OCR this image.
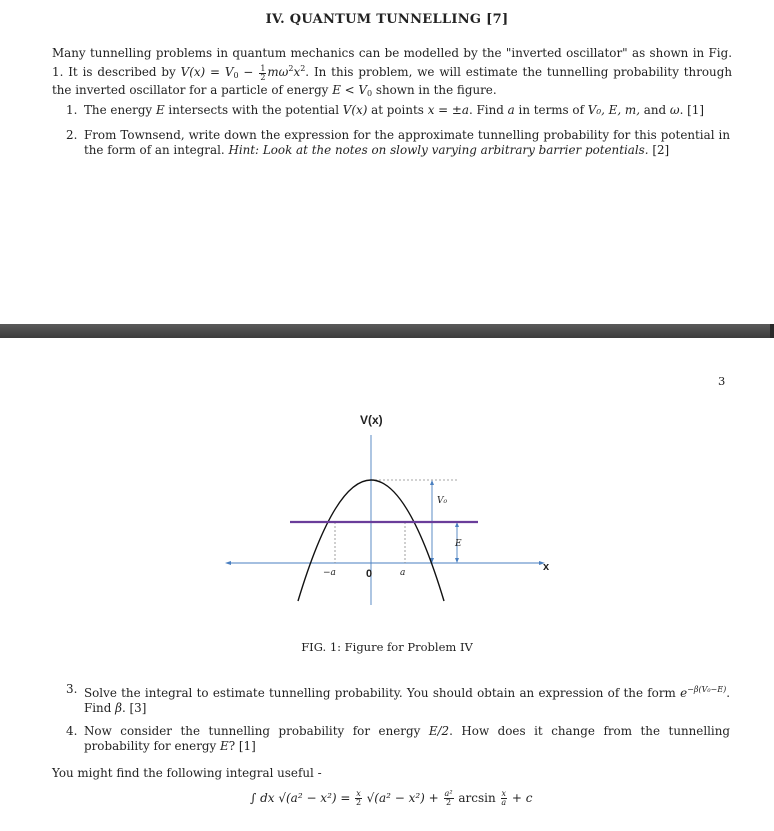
IV. QUANTUM TUNNELLING [7]
Many tunnelling problems in quantum mechanics can be modelled by the "inverted oscillator" as shown in Fig. 1. It is described by $V(x) = V_0 - \frac{1}{2} m\omega^2x^2$. In this problem, we will estimate the tunnelling probability through the inverted oscillator for a particle of energy $E < V_0$ shown in the figure.
1. The energy E intersects with the potential V(x) at points x = ±a. Find a in terms of V₀, E, m, and ω. [1]
2. From Townsend, write down the expression for the approximate tunnelling probability for this potential in the form of an integral. Hint: Look at the notes on slowly varying arbitrary barrier potentials. [2]
3
V(x)
x
V₀
E
−a	0	a
FIG. 1: Figure for Problem IV
3. Solve the integral to estimate tunnelling probability. You should obtain an expression of the form $e^{-\beta(V_0-E)}$. Find β. [3]
4. Now consider the tunnelling probability for energy E/2. How does it change from the tunnelling probability for energy E? [1]
You might find the following integral useful -
∫ dx $√(a^2 - x^2) = \frac{x}{2} √(a^2 - x^2) + \frac{\text{a²}}{2}$ $\arcsin \frac{x}{a} + c$
